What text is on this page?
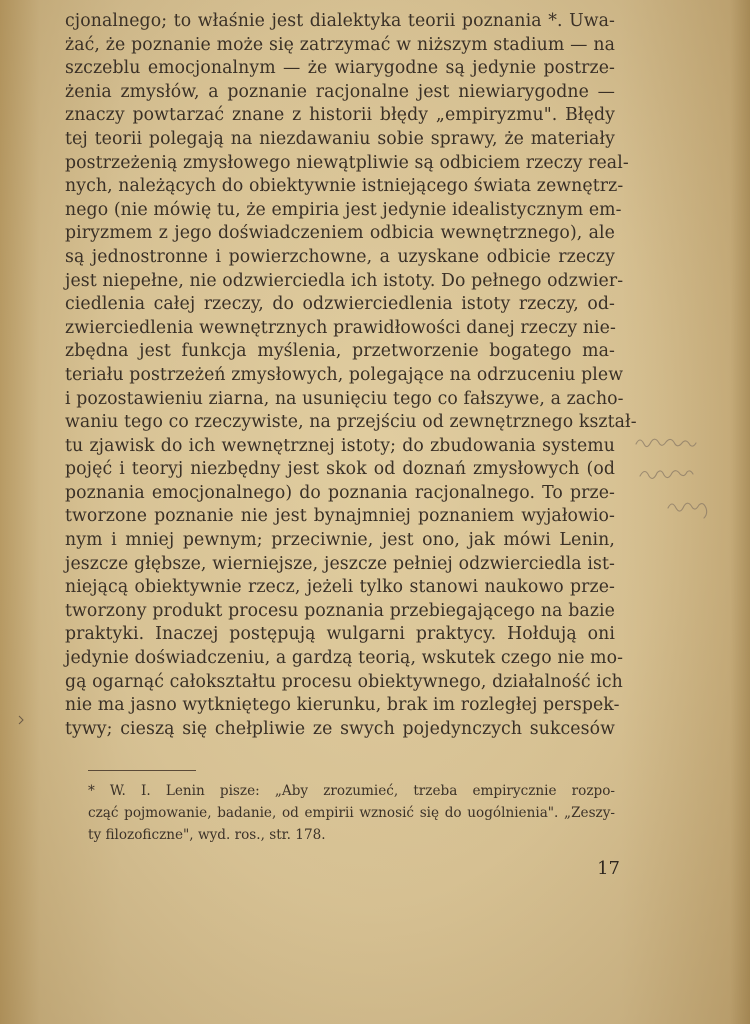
cjonalnego; to właśnie jest dialektyka teorii poznania *. Uwa-
żać, że poznanie może się zatrzymać w niższym stadium — na
szczeblu emocjonalnym — że wiarygodne są jedynie postrze-
żenia zmysłów, a poznanie racjonalne jest niewiarygodne —
znaczy powtarzać znane z historii błędy „empiryzmu". Błędy
tej teorii polegają na niezdawaniu sobie sprawy, że materiały
postrzeżenią zmysłowego niewątpliwie są odbiciem rzeczy real-
nych, należących do obiektywnie istniejącego świata zewnętrz-
nego (nie mówię tu, że empiria jest jedynie idealistycznym em-
piryzmem z jego doświadczeniem odbicia wewnętrznego), ale
są jednostronne i powierzchowne, a uzyskane odbicie rzeczy
jest niepełne, nie odzwierciedla ich istoty. Do pełnego odzwier-
ciedlenia całej rzeczy, do odzwierciedlenia istoty rzeczy, od-
zwierciedlenia wewnętrznych prawidłowości danej rzeczy nie-
zbędna jest funkcja myślenia, przetworzenie bogatego ma-
teriału postrzeżeń zmysłowych, polegające na odrzuceniu plew
i pozostawieniu ziarna, na usunięciu tego co fałszywe, a zacho-
waniu tego co rzeczywiste, na przejściu od zewnętrznego kształ-
tu zjawisk do ich wewnętrznej istoty; do zbudowania systemu
pojęć i teoryj niezbędny jest skok od doznań zmysłowych (od
poznania emocjonalnego) do poznania racjonalnego. To prze-
tworzone poznanie nie jest bynajmniej poznaniem wyjałowio-
nym i mniej pewnym; przeciwnie, jest ono, jak mówi Lenin,
jeszcze głębsze, wierniejsze, jeszcze pełniej odzwierciedla ist-
niejącą obiektywnie rzecz, jeżeli tylko stanowi naukowo prze-
tworzony produkt procesu poznania przebiegającego na bazie
praktyki. Inaczej postępują wulgarni praktycy. Hołdują oni
jedynie doświadczeniu, a gardzą teorią, wskutek czego nie mo-
gą ogarnąć całokształtu procesu obiektywnego, działalność ich
nie ma jasno wytkniętego kierunku, brak im rozległej perspek-
tywy; cieszą się chełpliwie ze swych pojedynczych sukcesów
* W. I. Lenin pisze: „Aby zrozumieć, trzeba empirycznie rozpo-
cząć pojmowanie, badanie, od empirii wznosić się do uogólnienia". „Zeszy-
ty filozoficzne", wyd. ros., str. 178.
17
